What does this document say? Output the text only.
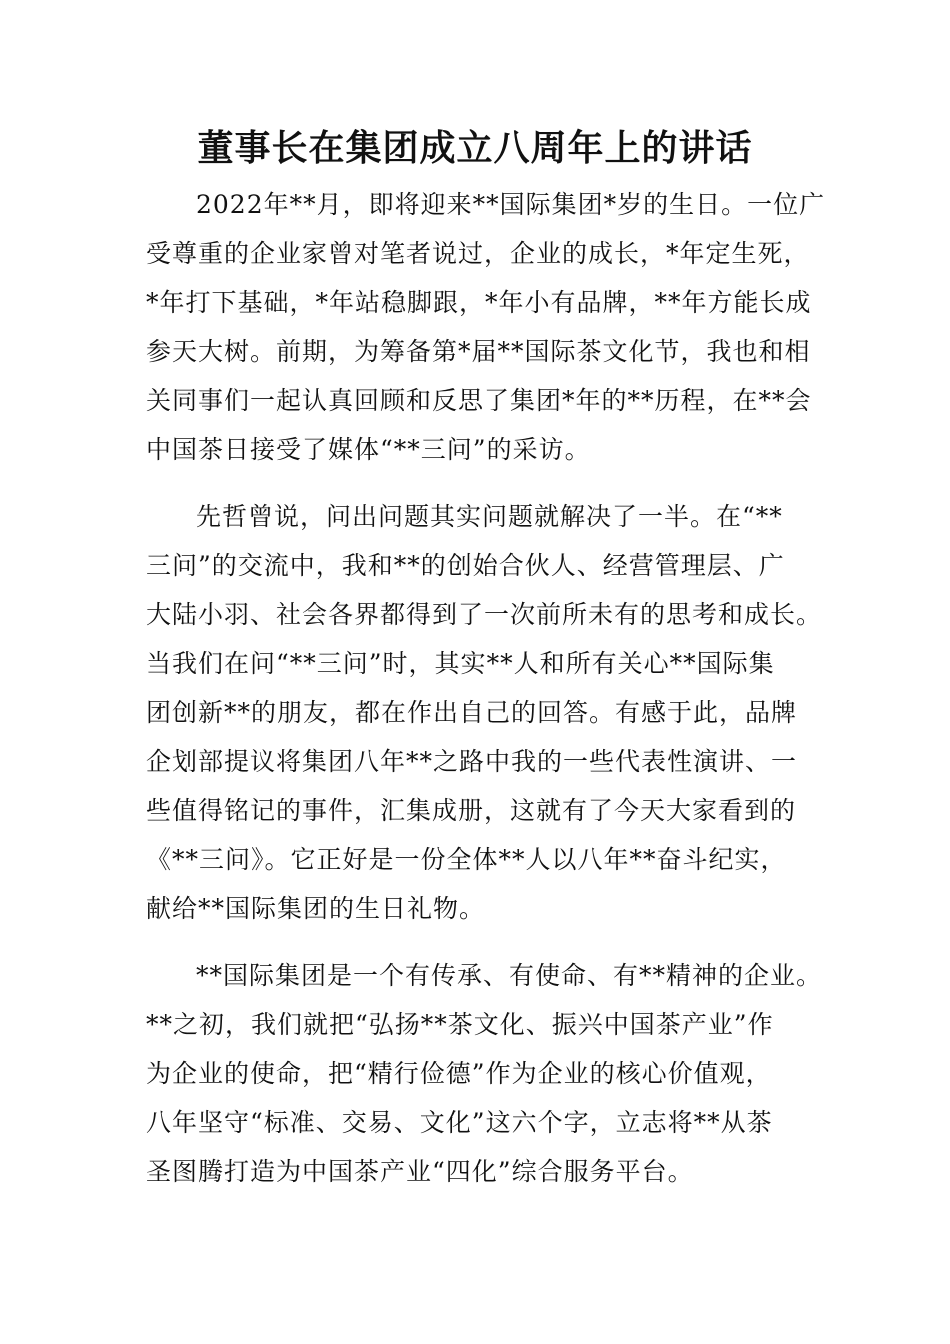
董事长在集团成立八周年上的讲话

2022年**月，即将迎来**国际集团*岁的生日。一位广
受尊重的企业家曾对笔者说过，企业的成长，*年定生死，
*年打下基础，*年站稳脚跟，*年小有品牌，**年方能长成
参天大树。前期，为筹备第*届**国际茶文化节，我也和相
关同事们一起认真回顾和反思了集团*年的**历程，在**会
中国茶日接受了媒体“**三问”的采访。

先哲曾说，问出问题其实问题就解决了一半。在“**
三问”的交流中，我和**的创始合伙人、经营管理层、广
大陆小羽、社会各界都得到了一次前所未有的思考和成长。
当我们在问“**三问”时，其实**人和所有关心**国际集
团创新**的朋友，都在作出自己的回答。有感于此，品牌
企划部提议将集团八年**之路中我的一些代表性演讲、一
些值得铭记的事件，汇集成册，这就有了今天大家看到的
《**三问》。它正好是一份全体**人以八年**奋斗纪实，
献给**国际集团的生日礼物。

**国际集团是一个有传承、有使命、有**精神的企业。
**之初，我们就把“弘扬**茶文化、振兴中国茶产业”作
为企业的使命，把“精行俭德”作为企业的核心价值观，
八年坚守“标准、交易、文化”这六个字，立志将**从茶
圣图腾打造为中国茶产业“四化”综合服务平台。
